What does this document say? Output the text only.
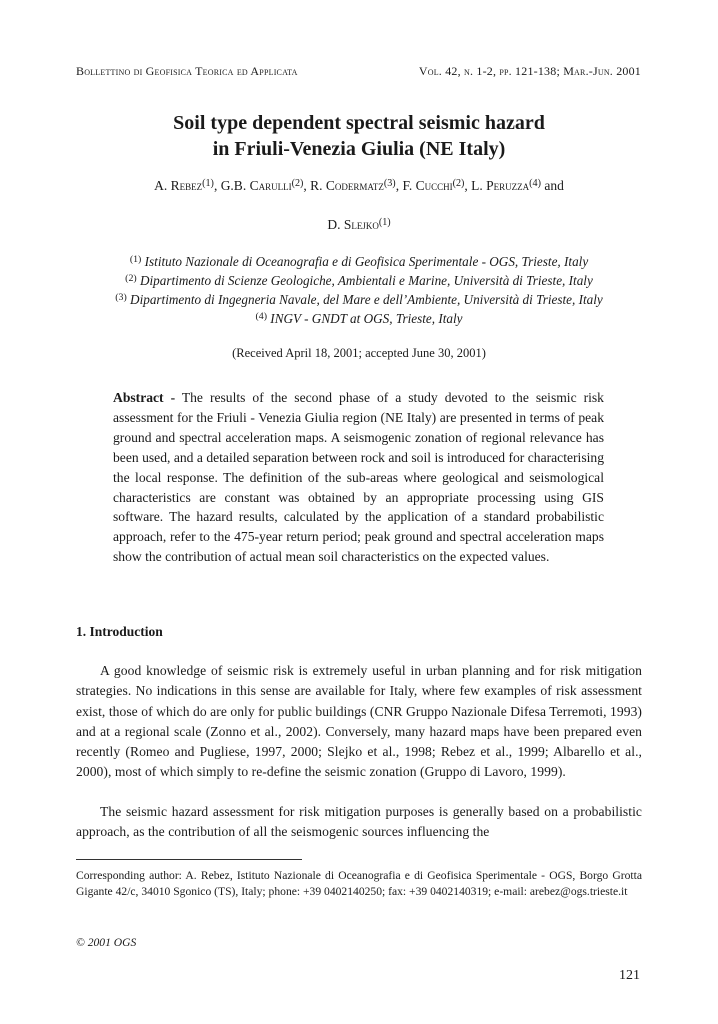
Bollettino di Geofisica Teorica ed Applicata	Vol. 42, n. 1-2, pp. 121-138; Mar.-Jun. 2001
Soil type dependent spectral seismic hazard
in Friuli-Venezia Giulia (NE Italy)
A. Rebez$^{(1)}$, G.B. Carulli$^{(2)}$, R. Codermatz$^{(3)}$, F. Cucchi$^{(2)}$, L. Peruzza$^{(4)}$ and
D. Slejko$^{(1)}$
$^{(1)}$ Istituto Nazionale di Oceanografia e di Geofisica Sperimentale - OGS, Trieste, Italy
$^{(2)}$ Dipartimento di Scienze Geologiche, Ambientali e Marine, Università di Trieste, Italy
$^{(3)}$ Dipartimento di Ingegneria Navale, del Mare e dell’Ambiente, Università di Trieste, Italy
$^{(4)}$ INGV - GNDT at OGS, Trieste, Italy
(Received April 18, 2001; accepted June 30, 2001)
Abstract - The results of the second phase of a study devoted to the seismic risk assessment for the Friuli - Venezia Giulia region (NE Italy) are presented in terms of peak ground and spectral acceleration maps. A seismogenic zonation of regional relevance has been used, and a detailed separation between rock and soil is introduced for characterising the local response. The definition of the sub-areas where geological and seismological characteristics are constant was obtained by an appropriate processing using GIS software. The hazard results, calculated by the application of a standard probabilistic approach, refer to the 475-year return period; peak ground and spectral acceleration maps show the contribution of actual mean soil characteristics on the expected values.
1. Introduction
A good knowledge of seismic risk is extremely useful in urban planning and for risk mitigation strategies. No indications in this sense are available for Italy, where few examples of risk assessment exist, those of which do are only for public buildings (CNR Gruppo Nazionale Difesa Terremoti, 1993) and at a regional scale (Zonno et al., 2002). Conversely, many hazard maps have been prepared even recently (Romeo and Pugliese, 1997, 2000; Slejko et al., 1998; Rebez et al., 1999; Albarello et al., 2000), most of which simply to re-define the seismic zonation (Gruppo di Lavoro, 1999).
The seismic hazard assessment for risk mitigation purposes is generally based on a probabilistic approach, as the contribution of all the seismogenic sources influencing the
Corresponding author: A. Rebez, Istituto Nazionale di Oceanografia e di Geofisica Sperimentale - OGS, Borgo Grotta Gigante 42/c, 34010 Sgonico (TS), Italy; phone: +39 0402140250; fax: +39 0402140319; e-mail: arebez@ogs.trieste.it
© 2001 OGS
121
